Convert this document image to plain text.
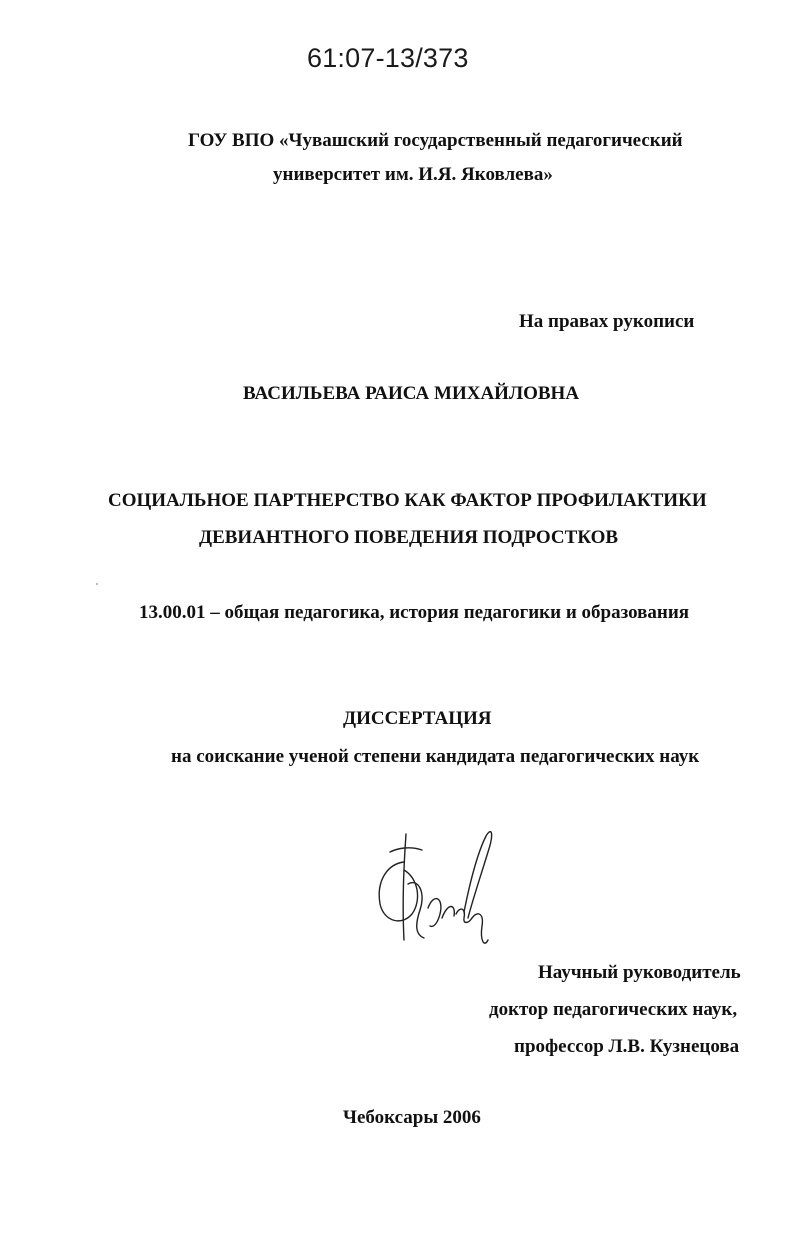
61:07-13/373
ГОУ ВПО «Чувашский государственный педагогический
университет им. И.Я. Яковлева»
На правах рукописи
ВАСИЛЬЕВА РАИСА МИХАЙЛОВНА
СОЦИАЛЬНОЕ ПАРТНЕРСТВО КАК ФАКТОР ПРОФИЛАКТИКИ
ДЕВИАНТНОГО ПОВЕДЕНИЯ ПОДРОСТКОВ
13.00.01 – общая педагогика, история педагогики и образования
ДИССЕРТАЦИЯ
на соискание ученой степени кандидата педагогических наук
Научный руководитель
доктор педагогических наук,
профессор Л.В. Кузнецова
Чебоксары 2006
